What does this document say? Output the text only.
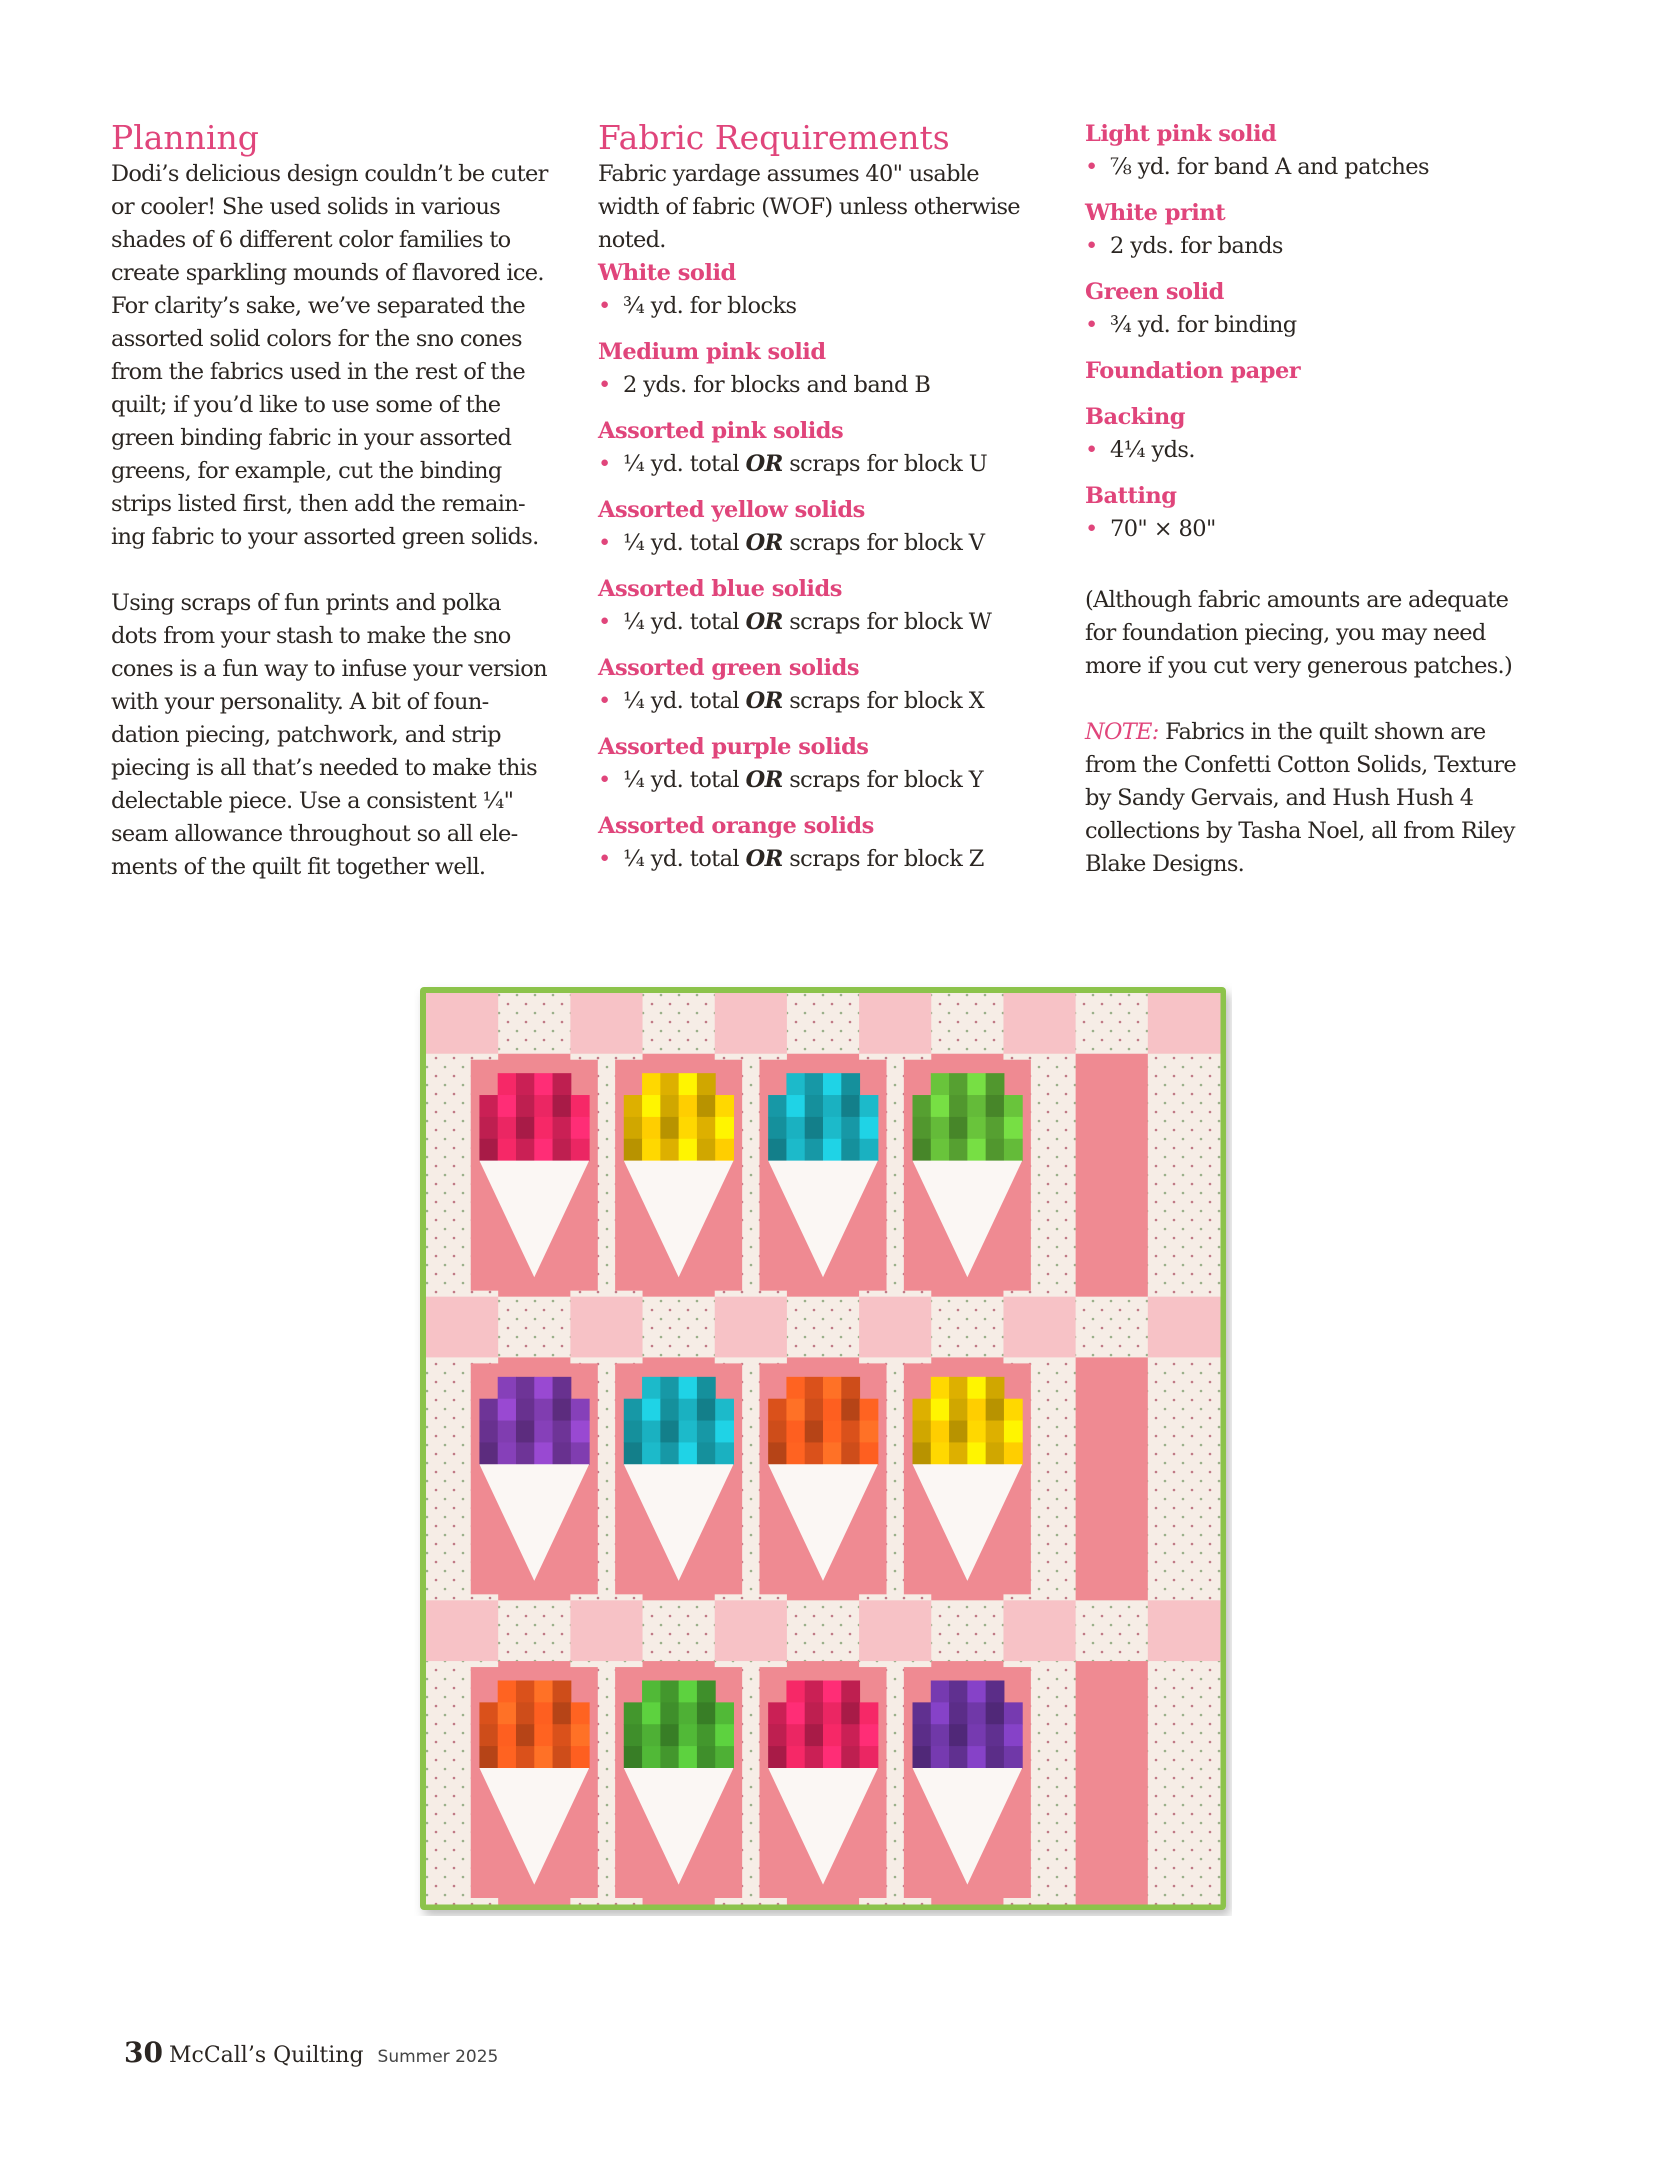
Planning

Dodi’s delicious design couldn’t be cuter
or cooler! She used solids in various
shades of 6 different color families to
create sparkling mounds of flavored ice.
For clarity’s sake, we’ve separated the
assorted solid colors for the sno cones
from the fabrics used in the rest of the
quilt; if you’d like to use some of the
green binding fabric in your assorted
greens, for example, cut the binding
strips listed first, then add the remain-
ing fabric to your assorted green solids.

Using scraps of fun prints and polka
dots from your stash to make the sno
cones is a fun way to infuse your version
with your personality. A bit of foun-
dation piecing, patchwork, and strip
piecing is all that’s needed to make this
delectable piece. Use a consistent ¼"
seam allowance throughout so all ele-
ments of the quilt fit together well.

Fabric Requirements

Fabric yardage assumes 40" usable
width of fabric (WOF) unless otherwise
noted.

White solid

• ¾ yd. for blocks

Medium pink solid

• 2 yds. for blocks and band B

Assorted pink solids

• ¼ yd. total OR scraps for block U

Assorted yellow solids

• ¼ yd. total OR scraps for block V

Assorted blue solids

• ¼ yd. total OR scraps for block W

Assorted green solids

• ¼ yd. total OR scraps for block X

Assorted purple solids

• ¼ yd. total OR scraps for block Y

Assorted orange solids

• ¼ yd. total OR scraps for block Z

Light pink solid

• ⅞ yd. for band A and patches

White print

• 2 yds. for bands

Green solid

• ¾ yd. for binding

Foundation paper

Backing

• 4¼ yds.

Batting

• 70" × 80"

(Although fabric amounts are adequate
for foundation piecing, you may need
more if you cut very generous patches.)

NOTE: Fabrics in the quilt shown are
from the Confetti Cotton Solids, Texture
by Sandy Gervais, and Hush Hush 4
collections by Tasha Noel, all from Riley
Blake Designs.

30 McCall’s Quilting Summer 2025
